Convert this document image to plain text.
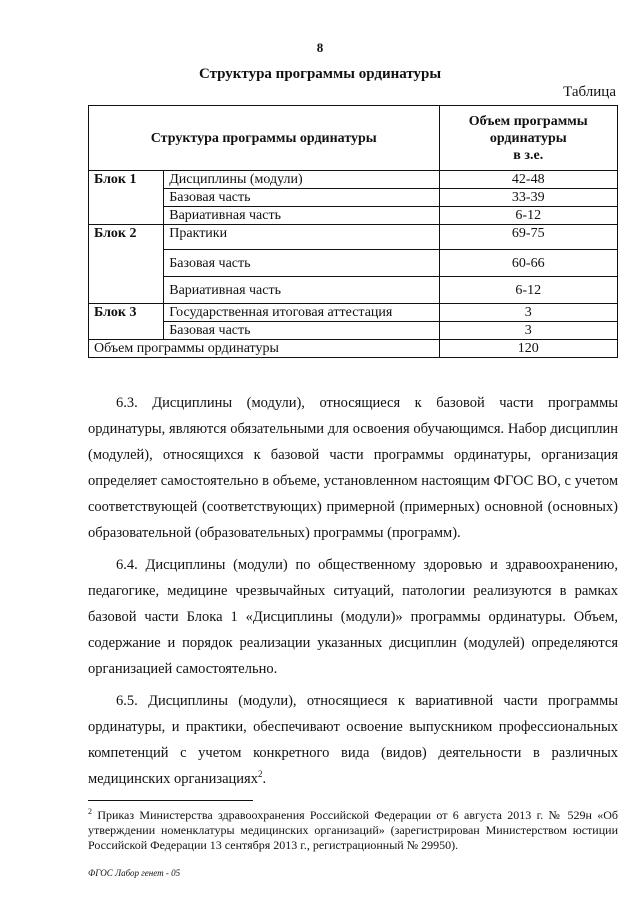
8
Структура программы ординатуры
Таблица
Структура программы ординатуры		Объем программы
ординатуры
в з.е.
Блок 1	Дисциплины (модули)	42-48
	Базовая часть	33-39
	Вариативная часть	6-12
Блок 2	Практики	69-75
	Базовая часть	60-66
	Вариативная часть	6-12
Блок 3	Государственная итоговая аттестация	3
	Базовая часть	3
Объем программы ординатуры		120

6.3. Дисциплины (модули), относящиеся к базовой части программы ординатуры, являются обязательными для освоения обучающимся. Набор дисциплин (модулей), относящихся к базовой части программы ординатуры, организация определяет самостоятельно в объеме, установленном настоящим ФГОС ВО, с учетом соответствующей (соответствующих) примерной (примерных) основной (основных) образовательной (образовательных) программы (программ).

6.4. Дисциплины (модули) по общественному здоровью и здравоохранению, педагогике, медицине чрезвычайных ситуаций, патологии реализуются в рамках базовой части Блока 1 «Дисциплины (модули)» программы ординатуры. Объем, содержание и порядок реализации указанных дисциплин (модулей) определяются организацией самостоятельно.

6.5. Дисциплины (модули), относящиеся к вариативной части программы ординатуры, и практики, обеспечивают освоение выпускником профессиональных компетенций с учетом конкретного вида (видов) деятельности в различных медицинских организациях$^2$.

$^2$ Приказ Министерства здравоохранения Российской Федерации от 6 августа 2013 г. № 529н «Об утверждении номенклатуры медицинских организаций» (зарегистрирован Министерством юстиции Российской Федерации 13 сентября 2013 г., регистрационный № 29950).
ФГОС Лабор генет - 05
